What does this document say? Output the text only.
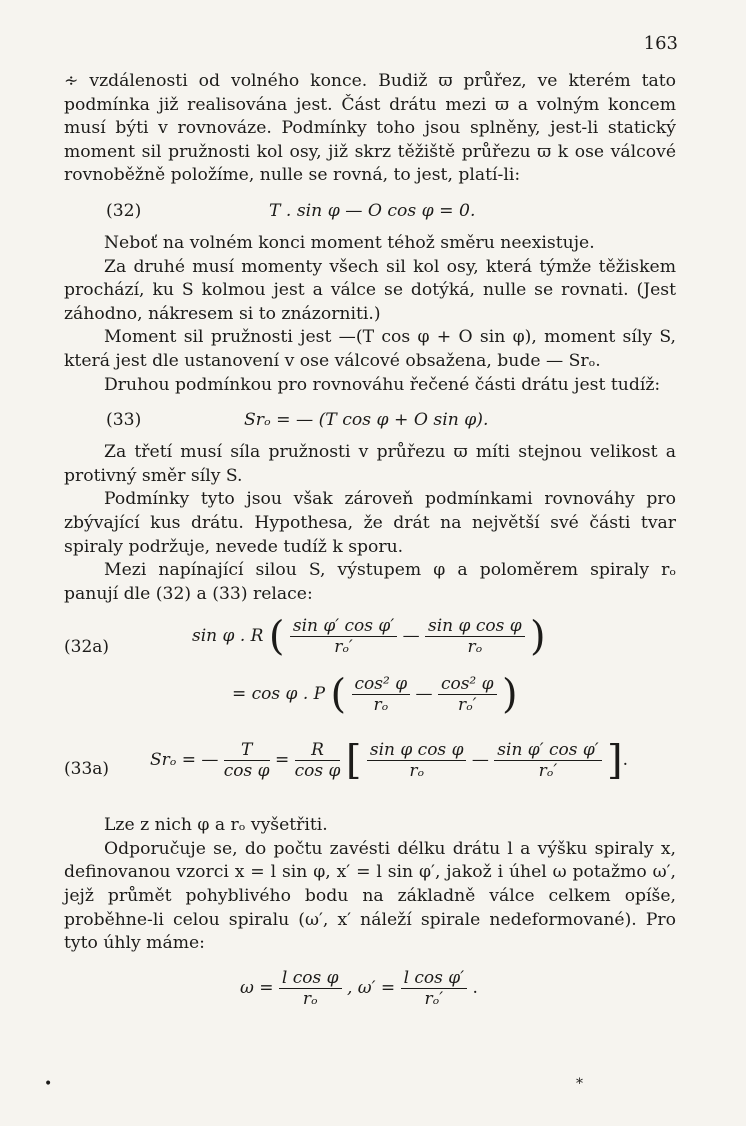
163

∻ vzdálenosti od volného konce. Budiž ϖ průřez, ve kterém tato podmínka již realisována jest. Část drátu mezi ϖ a volným koncem musí býti v rovnováze. Podmínky toho jsou splněny, jest-li statický moment sil pružnosti kol osy, již skrz těžiště průřezu ϖ k ose válcové rovnoběžně položíme, nulle se rovná, to jest, platí-li:

(32)	T . sin φ — O cos φ = 0.

Neboť na volném konci moment téhož směru neexistuje.

Za druhé musí momenty všech sil kol osy, která týmže těžiskem prochází, ku S kolmou jest a válce se dotýká, nulle se rovnati. (Jest záhodno, nákresem si to znázorniti.)

Moment sil pružnosti jest —(T cos φ + O sin φ), moment síly S, která jest dle ustanovení v ose válcové obsažena, bude — Srₒ.

Druhou podmínkou pro rovnováhu řečené části drátu jest tudíž:

(33)	Srₒ = — (T cos φ + O sin φ).

Za třetí musí síla pružnosti v průřezu ϖ míti stejnou velikost a protivný směr síly S.

Podmínky tyto jsou však zároveň podmínkami rovnováhy pro zbývající kus drátu. Hypothesa, že drát na největší své části tvar spiraly podržuje, nevede tudíž k sporu.

Mezi napínající silou S, výstupem φ a poloměrem spiraly rₒ panují dle (32) a (33) relace:

(32a)
sin φ . R ( $\frac{\text{sin φ′ cos φ′}}{\text{rₒ′}}$ — $\frac{\text{sin φ cos φ}}{\text{rₒ}}$ )
= cos φ . P ( $\frac{\text{cos² φ}}{\text{rₒ}}$ — $\frac{\text{cos² φ}}{\text{rₒ′}}$ )
(33a) Srₒ = — $\frac{T}{\text{cos φ}} = \frac{R}{\text{cos φ}}$ [ $\frac{\text{sin φ cos φ}}{\text{rₒ}}$ — $\frac{\text{sin φ′ cos φ′}}{\text{rₒ′}}$ ].

Lze z nich φ a rₒ vyšetřiti.

Odporučuje se, do počtu zavésti délku drátu l a výšku spiraly x, definovanou vzorci x = l sin φ, x′ = l sin φ′, jakož i úhel ω potažmo ω′, jejž průmět pohyblivého bodu na základně válce celkem opíše, proběhne-li celou spiralu (ω′, x′ náleží spirale nedeformované). Pro tyto úhly máme:

$\omega = \frac{\text{l cos φ}}{\text{rₒ}}$ , $\omega' = \frac{\text{l cos φ′}}{\text{rₒ′}}$ .
•	*
